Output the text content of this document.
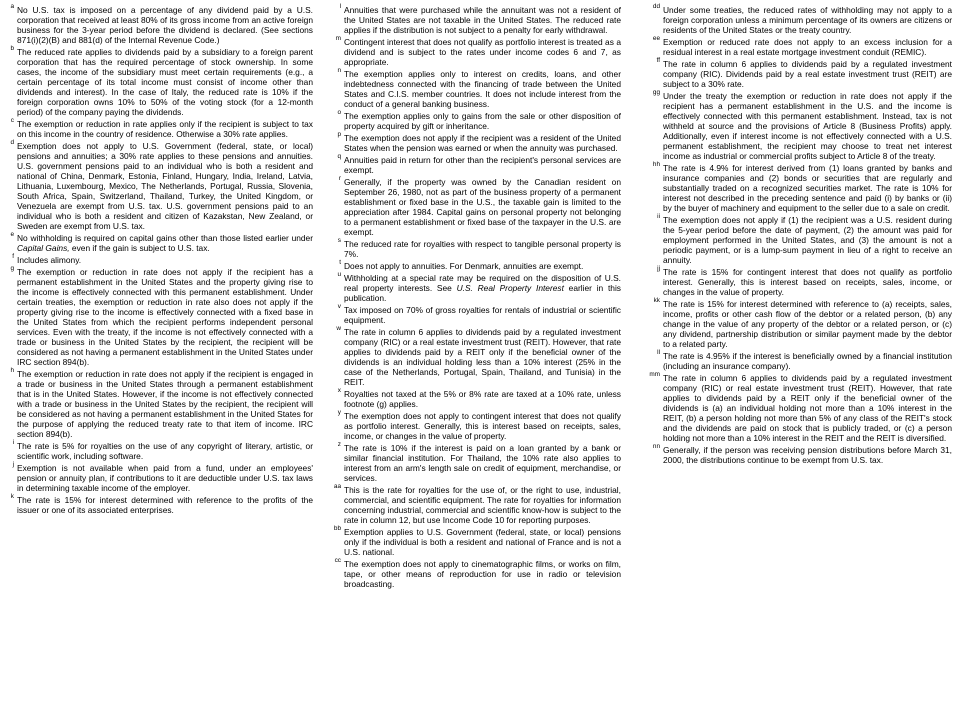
a No U.S. tax is imposed on a percentage of any dividend paid by a U.S. corporation that received at least 80% of its gross income from an active foreign business for the 3-year period before the dividend is declared. (See sections 871(i)(2)(B) and 881(d) of the Internal Revenue Code.)
b The reduced rate applies to dividends paid by a subsidiary to a foreign parent corporation that has the required percentage of stock ownership. In some cases, the income of the subsidiary must meet certain requirements (e.g., a certain percentage of its total income must consist of income other than dividends and interest). In the case of Italy, the reduced rate is 10% if the foreign corporation owns 10% to 50% of the voting stock (for a 12-month period) of the company paying the dividends.
c The exemption or reduction in rate applies only if the recipient is subject to tax on this income in the country of residence. Otherwise a 30% rate applies.
d Exemption does not apply to U.S. Government (federal, state, or local) pensions and annuities; a 30% rate applies to these pensions and annuities. U.S. government pensions paid to an individual who is both a resident and national of China, Denmark, Estonia, Finland, Hungary, India, Ireland, Latvia, Lithuania, Luxembourg, Mexico, The Netherlands, Portugal, Russia, Slovenia, South Africa, Spain, Switzerland, Thailand, Turkey, the United Kingdom, or Venezuela are exempt from U.S. tax. U.S. government pensions paid to an individual who is both a resident and citizen of Kazakstan, New Zealand, or Sweden are exempt from U.S. tax.
e No withholding is required on capital gains other than those listed earlier under Capital Gains, even if the gain is subject to U.S. tax.
f Includes alimony.
g The exemption or reduction in rate does not apply if the recipient has a permanent establishment in the United States and the property giving rise to the income is effectively connected with this permanent establishment. Under certain treaties, the exemption or reduction in rate also does not apply if the property giving rise to the income is effectively connected with a fixed base in the United States from which the recipient performs independent personal services. Even with the treaty, if the income is not effectively connected with a trade or business in the United States by the recipient, the recipient will be considered as not having a permanent establishment in the United States under IRC section 894(b).
h The exemption or reduction in rate does not apply if the recipient is engaged in a trade or business in the United States through a permanent establishment that is in the United States. However, if the income is not effectively connected with a trade or business in the United States by the recipient, the recipient will be considered as not having a permanent establishment in the United States for the purpose of applying the reduced treaty rate to that item of income. IRC section 894(b).
i The rate is 5% for royalties on the use of any copyright of literary, artistic, or scientific work, including software.
j Exemption is not available when paid from a fund, under an employees' pension or annuity plan, if contributions to it are deductible under U.S. tax laws in determining taxable income of the employer.
k The rate is 15% for interest determined with reference to the profits of the issuer or one of its associated enterprises.
l Annuities that were purchased while the annuitant was not a resident of the United States are not taxable in the United States. The reduced rate applies if the distribution is not subject to a penalty for early withdrawal.
m Contingent interest that does not qualify as portfolio interest is treated as a dividend and is subject to the rates under income codes 6 and 7, as appropriate.
n The exemption applies only to interest on credits, loans, and other indebtedness connected with the financing of trade between the United States and C.I.S. member countries. It does not include interest from the conduct of a general banking business.
o The exemption applies only to gains from the sale or other disposition of property acquired by gift or inheritance.
p The exemption does not apply if the recipient was a resident of the United States when the pension was earned or when the annuity was purchased.
q Annuities paid in return for other than the recipient's personal services are exempt.
r Generally, if the property was owned by the Canadian resident on September 26, 1980, not as part of the business property of a permanent establishment or fixed base in the U.S., the taxable gain is limited to the appreciation after 1984. Capital gains on personal property not belonging to a permanent establishment or fixed base of the taxpayer in the U.S. are exempt.
s The reduced rate for royalties with respect to tangible personal property is 7%.
t Does not apply to annuities. For Denmark, annuities are exempt.
u Withholding at a special rate may be required on the disposition of U.S. real property interests. See U.S. Real Property Interest earlier in this publication.
v Tax imposed on 70% of gross royalties for rentals of industrial or scientific equipment.
w The rate in column 6 applies to dividends paid by a regulated investment company (RIC) or a real estate investment trust (REIT). However, that rate applies to dividends paid by a REIT only if the beneficial owner of the dividends is an individual holding less than a 10% interest (25% in the case of the Netherlands, Portugal, Spain, Thailand, and Tunisia) in the REIT.
x Royalties not taxed at the 5% or 8% rate are taxed at a 10% rate, unless footnote (g) applies.
y The exemption does not apply to contingent interest that does not qualify as portfolio interest. Generally, this is interest based on receipts, sales, income, or changes in the value of property.
z The rate is 10% if the interest is paid on a loan granted by a bank or similar financial institution. For Thailand, the 10% rate also applies to interest from an arm's length sale on credit of equipment, merchandise, or services.
aa This is the rate for royalties for the use of, or the right to use, industrial, commercial, and scientific equipment. The rate for royalties for information concerning industrial, commercial and scientific know-how is subject to the rate in column 12, but use Income Code 10 for reporting purposes.
bb Exemption applies to U.S. Government (federal, state, or local) pensions only if the individual is both a resident and national of France and is not a U.S. national.
cc The exemption does not apply to cinematographic films, or works on film, tape, or other means of reproduction for use in radio or television broadcasting.
dd Under some treaties, the reduced rates of withholding may not apply to a foreign corporation unless a minimum percentage of its owners are citizens or residents of the United States or the treaty country.
ee Exemption or reduced rate does not apply to an excess inclusion for a residual interest in a real estate mortgage investment conduit (REMIC).
ff The rate in column 6 applies to dividends paid by a regulated investment company (RIC). Dividends paid by a real estate investment trust (REIT) are subject to a 30% rate.
gg Under the treaty the exemption or reduction in rate does not apply if the recipient has a permanent establishment in the U.S. and the income is effectively connected with this permanent establishment. Instead, tax is not withheld at source and the provisions of Article 8 (Business Profits) apply. Additionally, even if interest income is not effectively connected with a U.S. permanent establishment, the recipient may choose to treat net interest income as industrial or commercial profits subject to Article 8 of the treaty.
hh The rate is 4.9% for interest derived from (1) loans granted by banks and insurance companies and (2) bonds or securities that are regularly and substantially traded on a recognized securities market. The rate is 10% for interest not described in the preceding sentence and paid (i) by banks or (ii) by the buyer of machinery and equipment to the seller due to a sale on credit.
ii The exemption does not apply if (1) the recipient was a U.S. resident during the 5-year period before the date of payment, (2) the amount was paid for employment performed in the United States, and (3) the amount is not a periodic payment, or is a lump-sum payment in lieu of a right to receive an annuity.
jj The rate is 15% for contingent interest that does not qualify as portfolio interest. Generally, this is interest based on receipts, sales, income, or changes in the value of property.
kk The rate is 15% for interest determined with reference to (a) receipts, sales, income, profits or other cash flow of the debtor or a related person, (b) any change in the value of any property of the debtor or a related person, or (c) any dividend, partnership distribution or similar payment made by the debtor to a related party.
ll The rate is 4.95% if the interest is beneficially owned by a financial institution (including an insurance company).
mm The rate in column 6 applies to dividends paid by a regulated investment company (RIC) or real estate investment trust (REIT). However, that rate applies to dividends paid by a REIT only if the beneficial owner of the dividends is (a) an individual holding not more than a 10% interest in the REIT, (b) a person holding not more than 5% of any class of the REIT's stock and the dividends are paid on stock that is publicly traded, or (c) a person holding not more than a 10% interest in the REIT and the REIT is diversified.
nn Generally, if the person was receiving pension distributions before March 31, 2000, the distributions continue to be exempt from U.S. tax.
